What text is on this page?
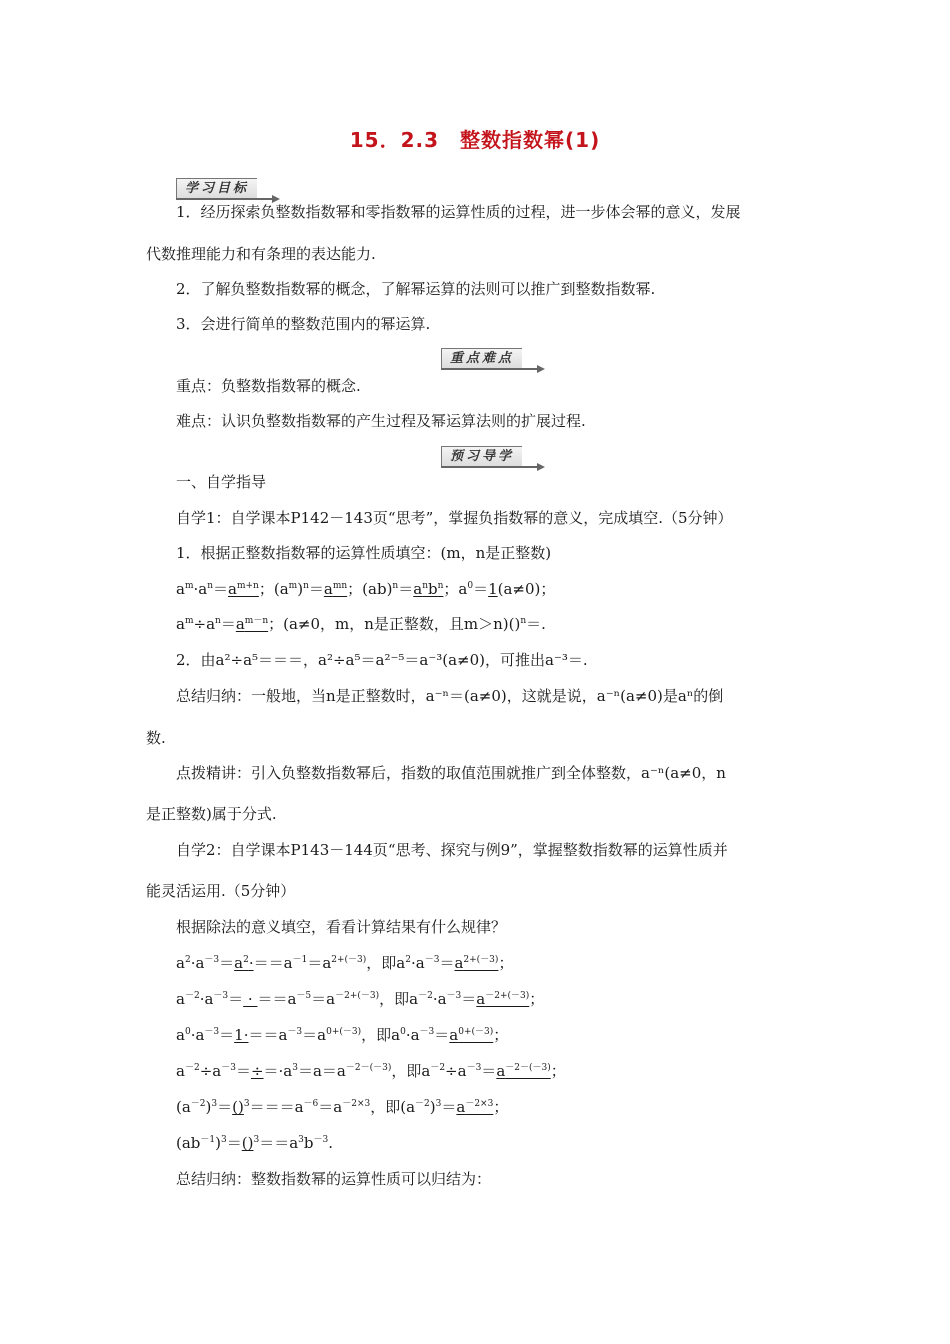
15．2.3　整数指数幂(1)
学习目标
1．经历探索负整数指数幂和零指数幂的运算性质的过程，进一步体会幂的意义，发展
代数推理能力和有条理的表达能力.
2．了解负整数指数幂的概念，了解幂运算的法则可以推广到整数指数幂.
3．会进行简单的整数范围内的幂运算.
重点难点
重点：负整数指数幂的概念.
难点：认识负整数指数幂的产生过程及幂运算法则的扩展过程.
预习导学
一、自学指导
自学1：自学课本P142－143页“思考”，掌握负指数幂的意义，完成填空.（5分钟）
1．根据正整数指数幂的运算性质填空：(m，n是正整数)
$a^m\cdot a^n=a^{m+n}$；$(a^m)^n=a^{mn}$；$(ab)^n=a^nb^n$；$a^0=1(a\ne 0)$；
$a^m\div a^n=a^{m-n}$；(a≠0，m，n是正整数，且m＞n)()$^n$＝.
2．由a²÷a⁵＝＝＝，a²÷a⁵＝a²⁻⁵＝a⁻³(a≠0)，可推出a⁻³＝.
总结归纳：一般地，当n是正整数时，a⁻ⁿ＝(a≠0)，这就是说，a⁻ⁿ(a≠0)是aⁿ的倒
数.
点拨精讲：引入负整数指数幂后，指数的取值范围就推广到全体整数，a⁻ⁿ(a≠0，n
是正整数)属于分式.
自学2：自学课本P143－144页“思考、探究与例9”，掌握整数指数幂的运算性质并
能灵活运用.（5分钟）
根据除法的意义填空，看看计算结果有什么规律？
$a^2\cdot a^{-3}=a^2\cdot==a^{-1}=a^{2+(-3)}$，即$a^2\cdot a^{-3}=a^{2+(-3)}$；
$a^{-2}\cdot a^{-3}= \cdot ==a^{-5}=a^{-2+(-3)}$，即$a^{-2}\cdot a^{-3}=a^{-2+(-3)}$；
$a^0\cdot a^{-3}=1\cdot==a^{-3}=a^{0+(-3)}$，即$a^0\cdot a^{-3}=a^{0+(-3)}$；
$a^{-2}\div a^{-3}=\div=\cdot a^3=a=a^{-2-(-3)}$，即$a^{-2}\div a^{-3}=a^{-2-(-3)}$；
$(a^{-2})^3=()^3===a^{-6}=a^{-2\times 3}$，即$(a^{-2})^3=a^{-2\times 3}$；
$(ab^{-1})^3=()^3==a^3b^{-3}$.
总结归纳：整数指数幂的运算性质可以归结为：
